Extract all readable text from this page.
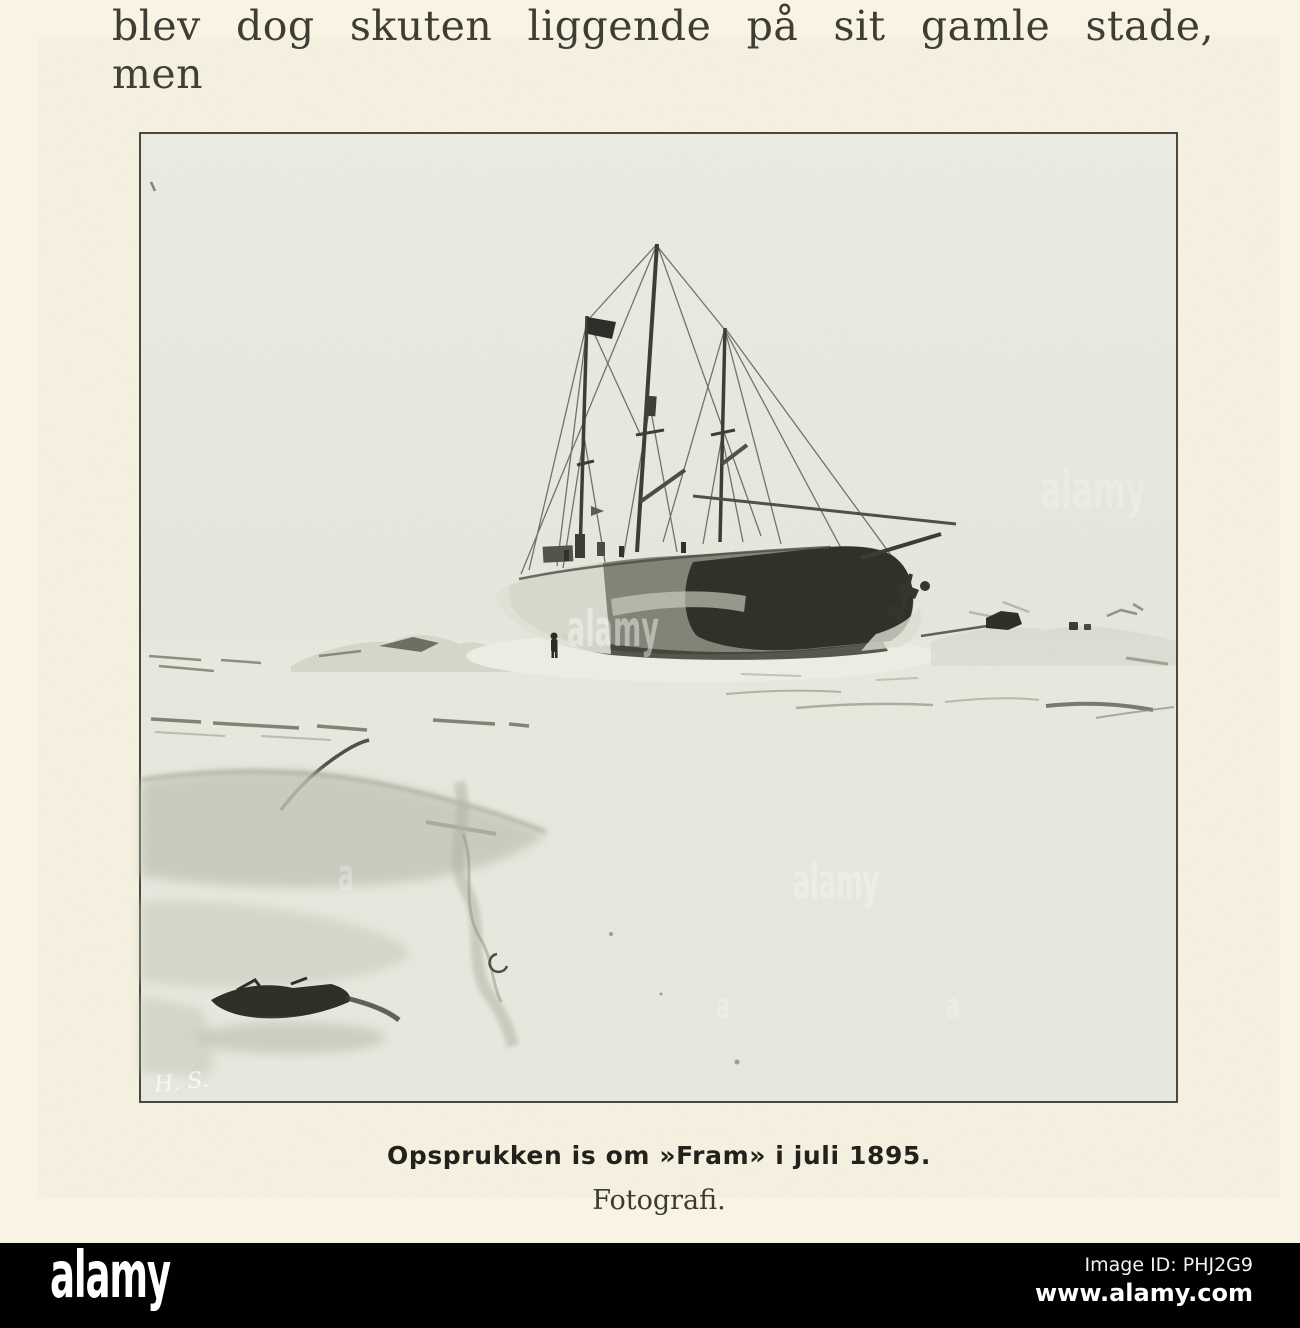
blev dog skuten liggende på sit gamle stade, men
Opsprukken is om »Fram» i juli 1895.
Fotografi.
alamy	Image ID: PHJ2G9
www.alamy.com
